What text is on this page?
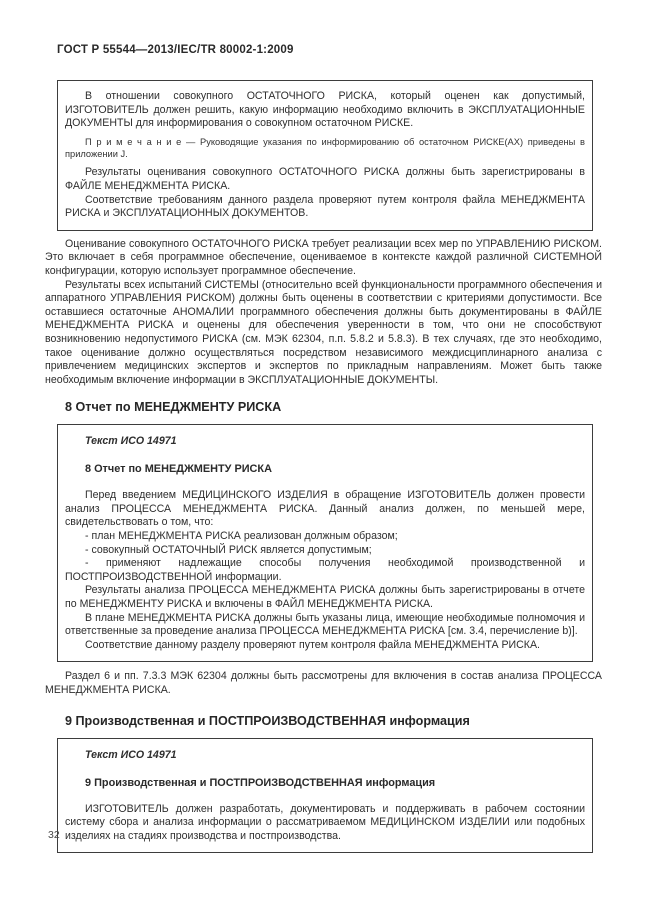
ГОСТ Р 55544—2013/IEC/TR 80002-1:2009

В отношении совокупного ОСТАТОЧНОГО РИСКА, который оценен как допустимый, ИЗГОТОВИТЕЛЬ должен решить, какую информацию необходимо включить в ЭКСПЛУАТАЦИОННЫЕ ДОКУМЕНТЫ для информирования о совокупном остаточном РИСКЕ.

П р и м е ч а н и е — Руководящие указания по информированию об остаточном РИСКЕ(АХ) приведены в приложении J.

Результаты оценивания совокупного ОСТАТОЧНОГО РИСКА должны быть зарегистрированы в ФАЙЛЕ МЕНЕДЖМЕНТА РИСКА.

Соответствие требованиям данного раздела проверяют путем контроля файла МЕНЕДЖМЕНТА РИСКА и ЭКСПЛУАТАЦИОННЫХ ДОКУМЕНТОВ.

Оценивание совокупного ОСТАТОЧНОГО РИСКА требует реализации всех мер по УПРАВЛЕНИЮ РИСКОМ. Это включает в себя программное обеспечение, оцениваемое в контексте каждой различной СИСТЕМНОЙ конфигурации, которую использует программное обеспечение.

Результаты всех испытаний СИСТЕМЫ (относительно всей функциональности программного обеспечения и аппаратного УПРАВЛЕНИЯ РИСКОМ) должны быть оценены в соответствии с критериями допустимости. Все оставшиеся остаточные АНОМАЛИИ программного обеспечения должны быть документированы в ФАЙЛЕ МЕНЕДЖМЕНТА РИСКА и оценены для обеспечения уверенности в том, что они не способствуют возникновению недопустимого РИСКА (см. МЭК 62304, п.п. 5.8.2 и 5.8.3). В тех случаях, где это необходимо, такое оценивание должно осуществляться посредством независимого междисциплинарного анализа с привлечением медицинских экспертов и экспертов по прикладным направлениям. Может быть также необходимым включение информации в ЭКСПЛУАТАЦИОННЫЕ ДОКУМЕНТЫ.

8 Отчет по МЕНЕДЖМЕНТУ РИСКА

Текст ИСО 14971

8 Отчет по МЕНЕДЖМЕНТУ РИСКА

Перед введением МЕДИЦИНСКОГО ИЗДЕЛИЯ в обращение ИЗГОТОВИТЕЛЬ должен провести анализ ПРОЦЕССА МЕНЕДЖМЕНТА РИСКА. Данный анализ должен, по меньшей мере, свидетельствовать о том, что:

- план МЕНЕДЖМЕНТА РИСКА реализован должным образом;

- совокупный ОСТАТОЧНЫЙ РИСК является допустимым;

- применяют надлежащие способы получения необходимой производственной и ПОСТПРОИЗВОДСТВЕННОЙ информации.

Результаты анализа ПРОЦЕССА МЕНЕДЖМЕНТА РИСКА должны быть зарегистрированы в отчете по МЕНЕДЖМЕНТУ РИСКА и включены в ФАЙЛ МЕНЕДЖМЕНТА РИСКА.

В плане МЕНЕДЖМЕНТА РИСКА должны быть указаны лица, имеющие необходимые полномочия и ответственные за проведение анализа ПРОЦЕССА МЕНЕДЖМЕНТА РИСКА [см. 3.4, перечисление b)].

Соответствие данному разделу проверяют путем контроля файла МЕНЕДЖМЕНТА РИСКА.

Раздел 6 и пп. 7.3.3 МЭК 62304 должны быть рассмотрены для включения в состав анализа ПРОЦЕССА МЕНЕДЖМЕНТА РИСКА.

9 Производственная и ПОСТПРОИЗВОДСТВЕННАЯ информация

Текст ИСО 14971

9 Производственная и ПОСТПРОИЗВОДСТВЕННАЯ информация

ИЗГОТОВИТЕЛЬ должен разработать, документировать и поддерживать в рабочем состоянии систему сбора и анализа информации о рассматриваемом МЕДИЦИНСКОМ ИЗДЕЛИИ или подобных изделиях на стадиях производства и постпроизводства.

32
